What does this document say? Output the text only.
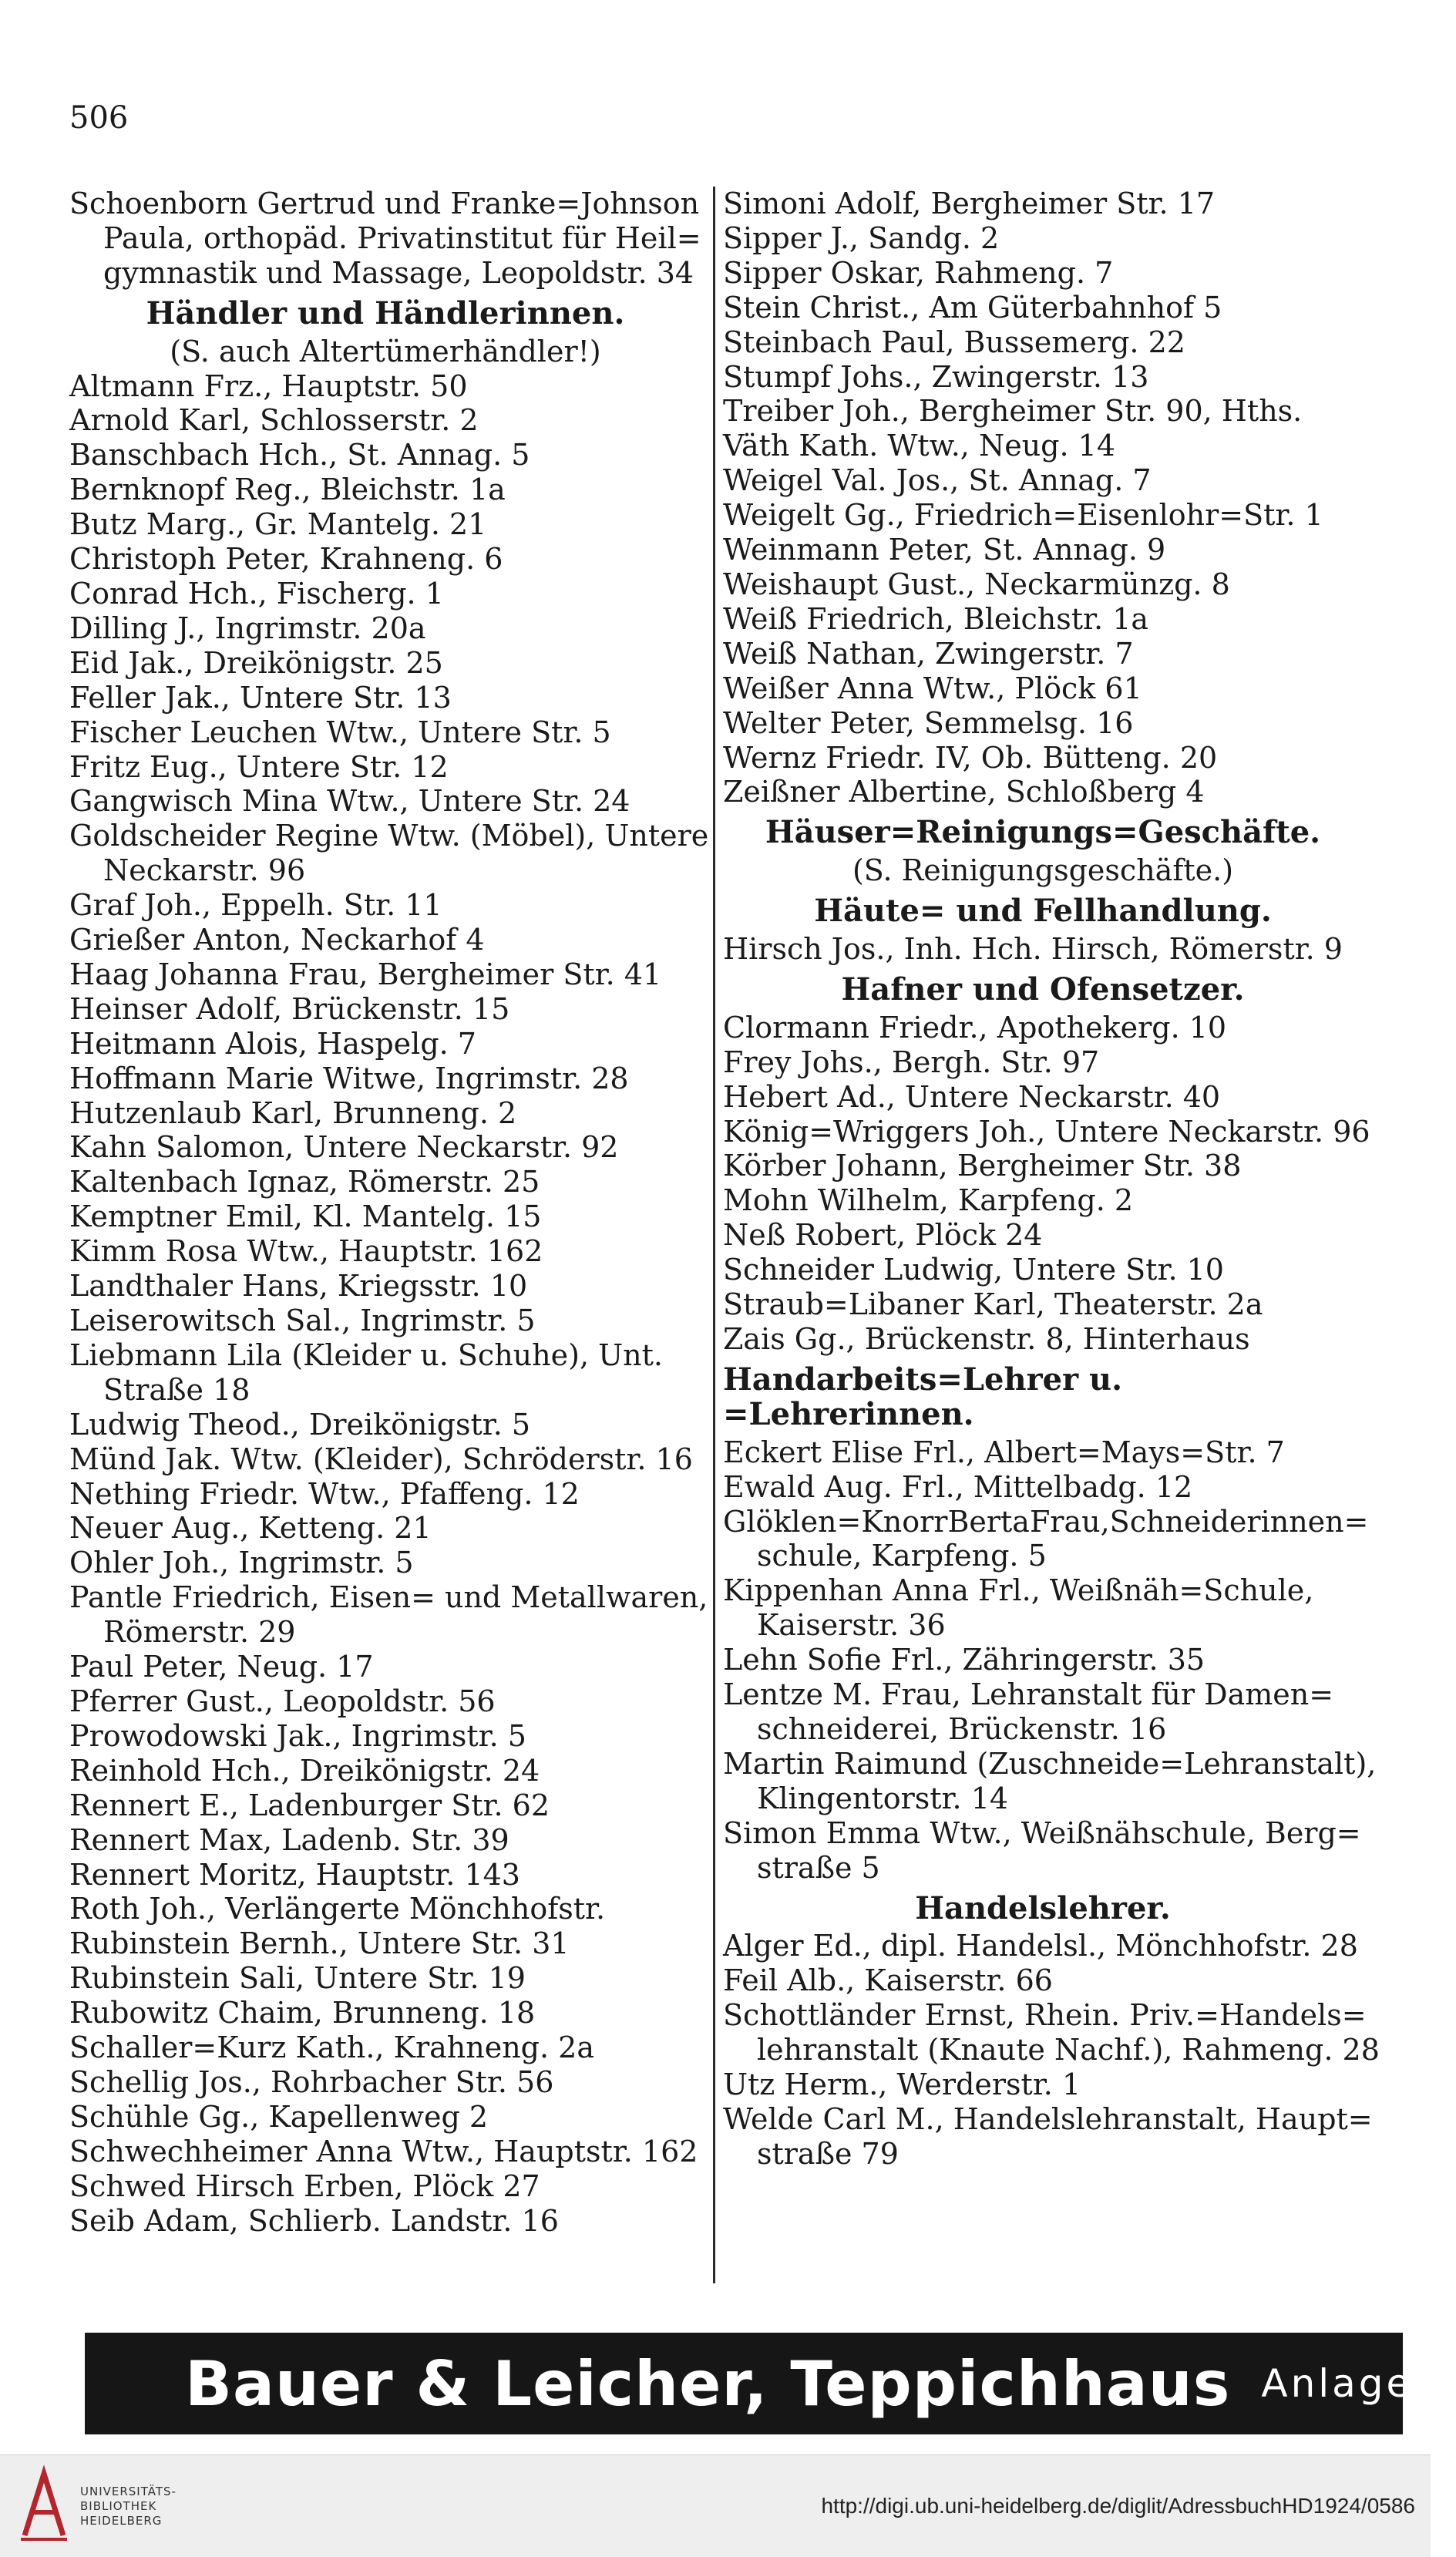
506
Schoenborn Gertrud und Franke=Johnson
Paula, orthopäd. Privatinstitut für Heil=
gymnastik und Massage, Leopoldstr. 34
Händler und Händlerinnen.
(S. auch Altertümerhändler!)
Altmann Frz., Hauptstr. 50
Arnold Karl, Schlosserstr. 2
Banschbach Hch., St. Annag. 5
Bernknopf Reg., Bleichstr. 1a
Butz Marg., Gr. Mantelg. 21
Christoph Peter, Krahneng. 6
Conrad Hch., Fischerg. 1
Dilling J., Ingrimstr. 20a
Eid Jak., Dreikönigstr. 25
Feller Jak., Untere Str. 13
Fischer Leuchen Wtw., Untere Str. 5
Fritz Eug., Untere Str. 12
Gangwisch Mina Wtw., Untere Str. 24
Goldscheider Regine Wtw. (Möbel), Untere
Neckarstr. 96
Graf Joh., Eppelh. Str. 11
Grießer Anton, Neckarhof 4
Haag Johanna Frau, Bergheimer Str. 41
Heinser Adolf, Brückenstr. 15
Heitmann Alois, Haspelg. 7
Hoffmann Marie Witwe, Ingrimstr. 28
Hutzenlaub Karl, Brunneng. 2
Kahn Salomon, Untere Neckarstr. 92
Kaltenbach Ignaz, Römerstr. 25
Kemptner Emil, Kl. Mantelg. 15
Kimm Rosa Wtw., Hauptstr. 162
Landthaler Hans, Kriegsstr. 10
Leiserowitsch Sal., Ingrimstr. 5
Liebmann Lila (Kleider u. Schuhe), Unt.
Straße 18
Ludwig Theod., Dreikönigstr. 5
Münd Jak. Wtw. (Kleider), Schröderstr. 16
Nething Friedr. Wtw., Pfaffeng. 12
Neuer Aug., Ketteng. 21
Ohler Joh., Ingrimstr. 5
Pantle Friedrich, Eisen= und Metallwaren,
Römerstr. 29
Paul Peter, Neug. 17
Pferrer Gust., Leopoldstr. 56
Prowodowski Jak., Ingrimstr. 5
Reinhold Hch., Dreikönigstr. 24
Rennert E., Ladenburger Str. 62
Rennert Max, Ladenb. Str. 39
Rennert Moritz, Hauptstr. 143
Roth Joh., Verlängerte Mönchhofstr.
Rubinstein Bernh., Untere Str. 31
Rubinstein Sali, Untere Str. 19
Rubowitz Chaim, Brunneng. 18
Schaller=Kurz Kath., Krahneng. 2a
Schellig Jos., Rohrbacher Str. 56
Schühle Gg., Kapellenweg 2
Schwechheimer Anna Wtw., Hauptstr. 162
Schwed Hirsch Erben, Plöck 27
Seib Adam, Schlierb. Landstr. 16
Simoni Adolf, Bergheimer Str. 17
Sipper J., Sandg. 2
Sipper Oskar, Rahmeng. 7
Stein Christ., Am Güterbahnhof 5
Steinbach Paul, Bussemerg. 22
Stumpf Johs., Zwingerstr. 13
Treiber Joh., Bergheimer Str. 90, Hths.
Väth Kath. Wtw., Neug. 14
Weigel Val. Jos., St. Annag. 7
Weigelt Gg., Friedrich=Eisenlohr=Str. 1
Weinmann Peter, St. Annag. 9
Weishaupt Gust., Neckarmünzg. 8
Weiß Friedrich, Bleichstr. 1a
Weiß Nathan, Zwingerstr. 7
Weißer Anna Wtw., Plöck 61
Welter Peter, Semmelsg. 16
Wernz Friedr. IV, Ob. Bütteng. 20
Zeißner Albertine, Schloßberg 4
Häuser=Reinigungs=Geschäfte.
(S. Reinigungsgeschäfte.)
Häute= und Fellhandlung.
Hirsch Jos., Inh. Hch. Hirsch, Römerstr. 9
Hafner und Ofensetzer.
Clormann Friedr., Apothekerg. 10
Frey Johs., Bergh. Str. 97
Hebert Ad., Untere Neckarstr. 40
König=Wriggers Joh., Untere Neckarstr. 96
Körber Johann, Bergheimer Str. 38
Mohn Wilhelm, Karpfeng. 2
Neß Robert, Plöck 24
Schneider Ludwig, Untere Str. 10
Straub=Libaner Karl, Theaterstr. 2a
Zais Gg., Brückenstr. 8, Hinterhaus
Handarbeits=Lehrer u. =Lehrerinnen.
Eckert Elise Frl., Albert=Mays=Str. 7
Ewald Aug. Frl., Mittelbadg. 12
Glöklen=KnorrBertaFrau,Schneiderinnen=
schule, Karpfeng. 5
Kippenhan Anna Frl., Weißnäh=Schule,
Kaiserstr. 36
Lehn Sofie Frl., Zähringerstr. 35
Lentze M. Frau, Lehranstalt für Damen=
schneiderei, Brückenstr. 16
Martin Raimund (Zuschneide=Lehranstalt),
Klingentorstr. 14
Simon Emma Wtw., Weißnähschule, Berg=
straße 5
Handelslehrer.
Alger Ed., dipl. Handelsl., Mönchhofstr. 28
Feil Alb., Kaiserstr. 66
Schottländer Ernst, Rhein. Priv.=Handels=
lehranstalt (Knaute Nachf.), Rahmeng. 28
Utz Herm., Werderstr. 1
Welde Carl M., Handelslehranstalt, Haupt=
straße 79
Bauer & Leicher, Teppichhaus Anlage 7
UNIVERSITÄTS-
BIBLIOTHEK
HEIDELBERG
http://digi.ub.uni-heidelberg.de/diglit/AdressbuchHD1924/0586
